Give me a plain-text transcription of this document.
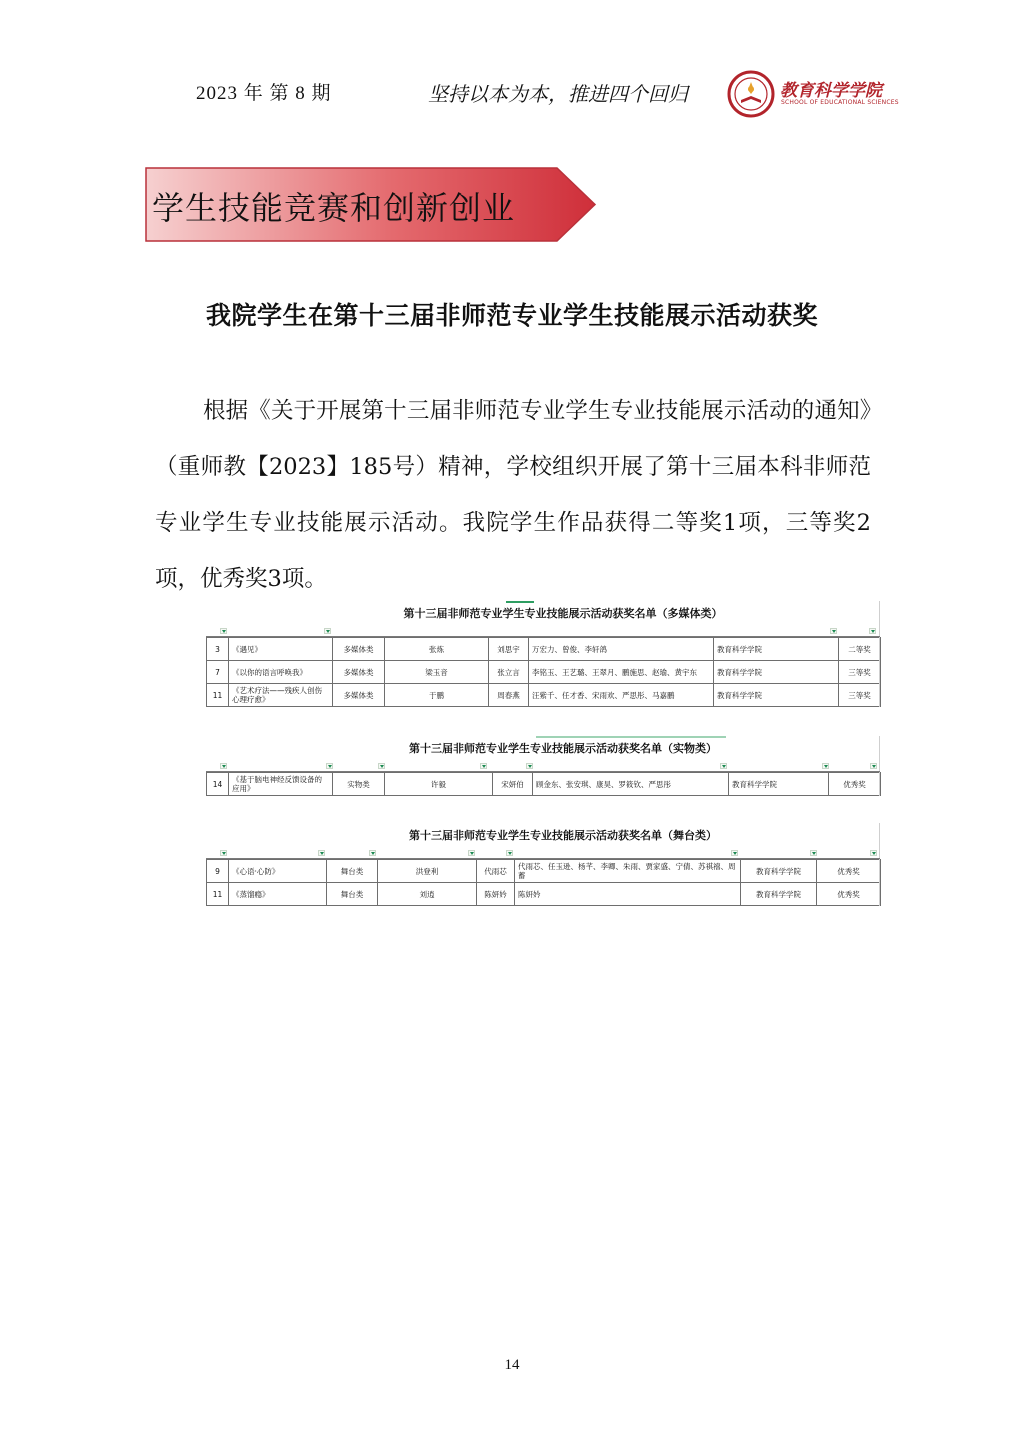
2023 年 第 8 期	坚持以本为本，推进四个回归	教育科学学院
SCHOOL OF EDUCATIONAL SCIENCES
学生技能竞赛和创新创业
我院学生在第十三届非师范专业学生技能展示活动获奖
根据《关于开展第十三届非师范专业学生专业技能展示活动的通知》（重师教【2023】185号）精神，学校组织开展了第十三届本科非师范专业学生专业技能展示活动。我院学生作品获得二等奖1项，三等奖2项，优秀奖3项。
第十三届非师范专业学生专业技能展示活动获奖名单（多媒体类）
3	《遇见》	多媒体类	张炼	刘思宇	万宏力、曾俊、李轩鸽	教育科学学院	二等奖
7	《以你的语言呼唤我》	多媒体类	梁玉音	张立言	李铭玉、王艺璐、王翠月、鹏施思、赵瑜、黄宇东	教育科学学院	三等奖
11	《艺术疗法——残疾人创伤心理疗愈》	多媒体类	于鹏	周春燕	汪紫千、任才香、宋雨欢、严思彤、马嘉鹏	教育科学学院	三等奖
第十三届非师范专业学生专业技能展示活动获奖名单（实物类）
14	《基于脑电神经反馈设备的应用》	实物类	许毅	宋妍伯	顾金东、张安琪、康昊、罗筱钦、严思彤	教育科学学院	优秀奖
第十三届非师范专业学生专业技能展示活动获奖名单（舞台类）
9	《心语·心防》	舞台类	洪登利	代雨芯	代雨芯、任玉逊、杨芊、李卿、朱雨、贾家盛、宁倩、苏祺禧、周蓄	教育科学学院	优秀奖
11	《蒸馏瘾》	舞台类	刘逍	陈妍妗	陈妍妗	教育科学学院	优秀奖
14
